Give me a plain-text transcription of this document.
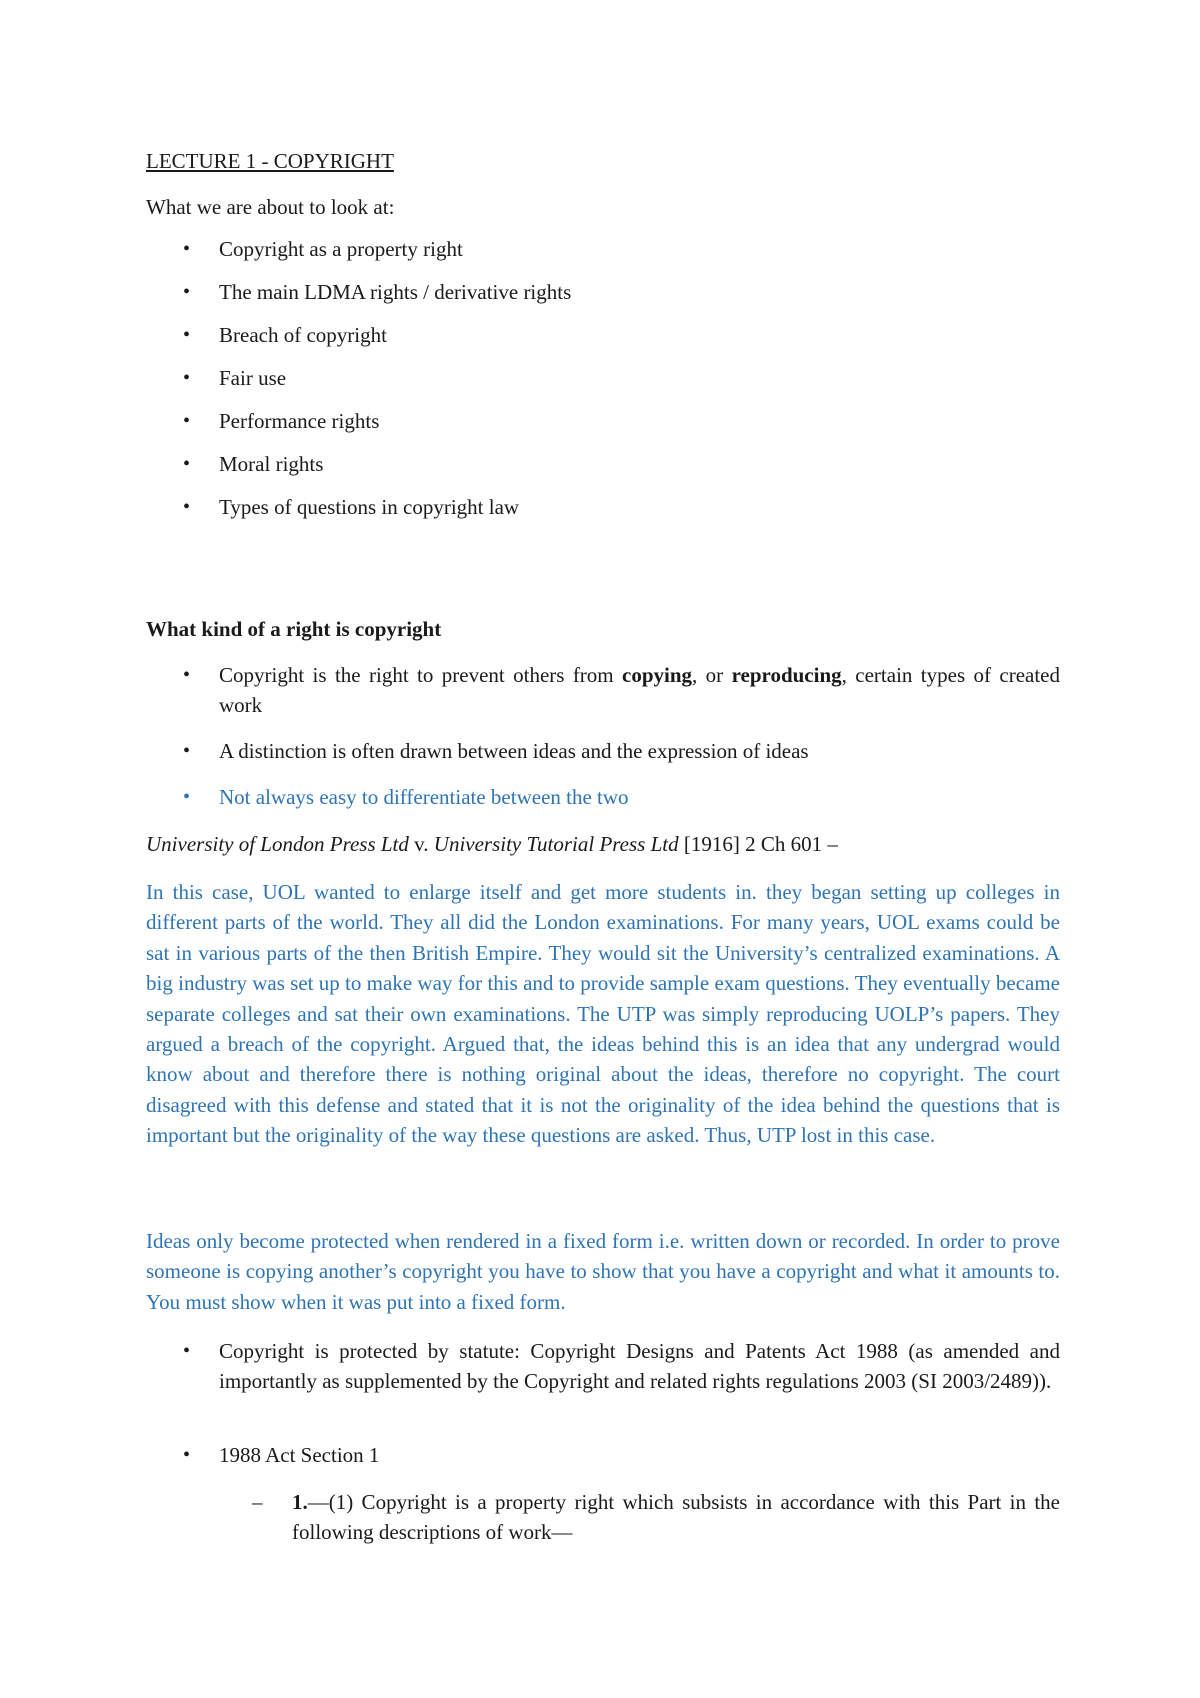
LECTURE 1 - COPYRIGHT
What we are about to look at:
• Copyright as a property right
• The main LDMA rights / derivative rights
• Breach of copyright
• Fair use
• Performance rights
• Moral rights
• Types of questions in copyright law
What kind of a right is copyright
• Copyright is the right to prevent others from copying, or reproducing, certain types of created work
• A distinction is often drawn between ideas and the expression of ideas
• Not always easy to differentiate between the two
University of London Press Ltd v. University Tutorial Press Ltd [1916] 2 Ch 601 –
In this case, UOL wanted to enlarge itself and get more students in. they began setting up colleges in different parts of the world. They all did the London examinations. For many years, UOL exams could be sat in various parts of the then British Empire. They would sit the University’s centralized examinations. A big industry was set up to make way for this and to provide sample exam questions. They eventually became separate colleges and sat their own examinations. The UTP was simply reproducing UOLP’s papers. They argued a breach of the copyright. Argued that, the ideas behind this is an idea that any undergrad would know about and therefore there is nothing original about the ideas, therefore no copyright. The court disagreed with this defense and stated that it is not the originality of the idea behind the questions that is important but the originality of the way these questions are asked. Thus, UTP lost in this case.
Ideas only become protected when rendered in a fixed form i.e. written down or recorded. In order to prove someone is copying another’s copyright you have to show that you have a copyright and what it amounts to. You must show when it was put into a fixed form.
• Copyright is protected by statute: Copyright Designs and Patents Act 1988 (as amended and importantly as supplemented by the Copyright and related rights regulations 2003 (SI 2003/2489)).
• 1988 Act Section 1
– 1.—(1) Copyright is a property right which subsists in accordance with this Part in the following descriptions of work—
